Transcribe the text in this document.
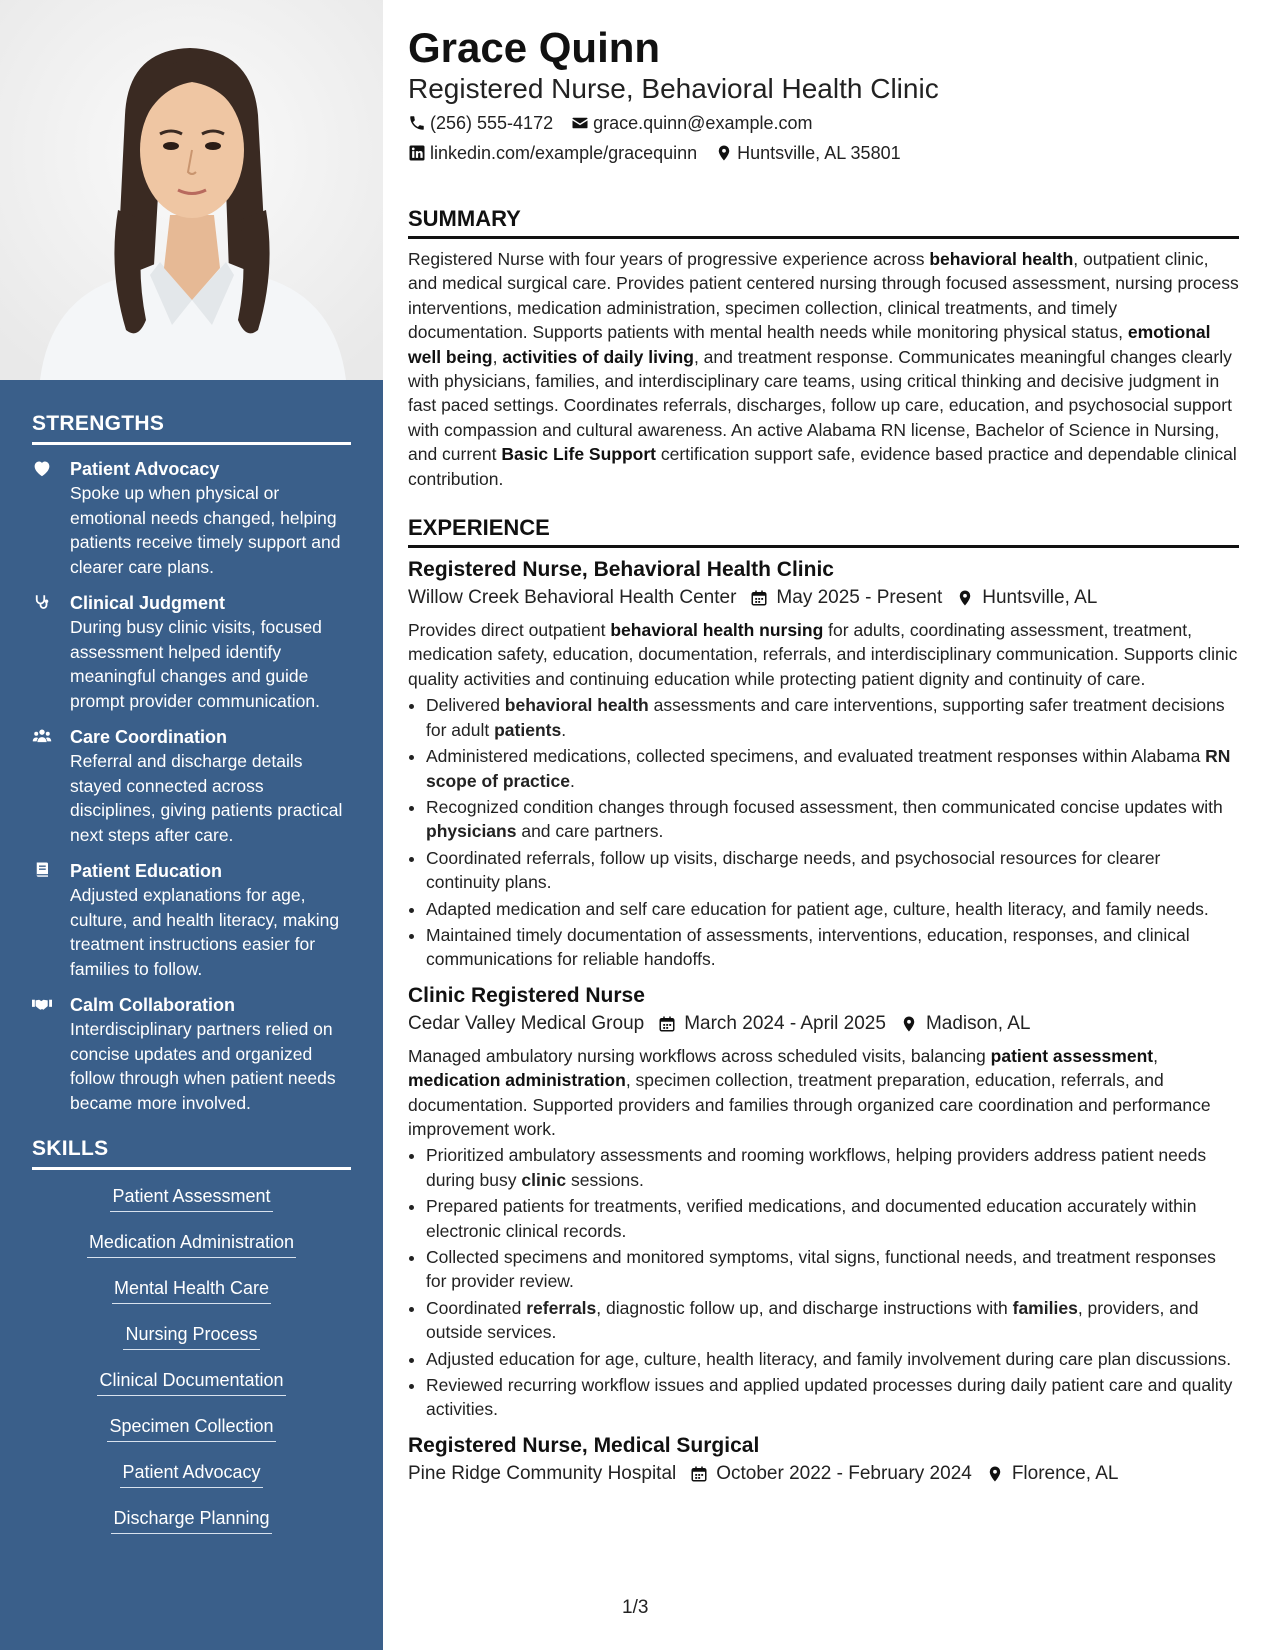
STRENGTHS
Patient Advocacy
Spoke up when physical or emotional needs changed, helping patients receive timely support and clearer care plans.
Clinical Judgment
During busy clinic visits, focused assessment helped identify meaningful changes and guide prompt provider communication.
Care Coordination
Referral and discharge details stayed connected across disciplines, giving patients practical next steps after care.
Patient Education
Adjusted explanations for age, culture, and health literacy, making treatment instructions easier for families to follow.
Calm Collaboration
Interdisciplinary partners relied on concise updates and organized follow through when patient needs became more involved.
SKILLS
Patient Assessment
Medication Administration
Mental Health Care
Nursing Process
Clinical Documentation
Specimen Collection
Patient Advocacy
Discharge Planning
Grace Quinn
Registered Nurse, Behavioral Health Clinic
(256) 555-4172 grace.quinn@example.com
linkedin.com/example/gracequinn Huntsville, AL 35801
SUMMARY

Registered Nurse with four years of progressive experience across behavioral health, outpatient clinic, and medical surgical care. Provides patient centered nursing through focused assessment, nursing process interventions, medication administration, specimen collection, clinical treatments, and timely documentation. Supports patients with mental health needs while monitoring physical status, emotional well being, activities of daily living, and treatment response. Communicates meaningful changes clearly with physicians, families, and interdisciplinary care teams, using critical thinking and decisive judgment in fast paced settings. Coordinates referrals, discharges, follow up care, education, and psychosocial support with compassion and cultural awareness. An active Alabama RN license, Bachelor of Science in Nursing, and current Basic Life Support certification support safe, evidence based practice and dependable clinical contribution.

EXPERIENCE
Registered Nurse, Behavioral Health Clinic
Willow Creek Behavioral Health Center May 2025 - Present Huntsville, AL

Provides direct outpatient behavioral health nursing for adults, coordinating assessment, treatment, medication safety, education, documentation, referrals, and interdisciplinary communication. Supports clinic quality activities and continuing education while protecting patient dignity and continuity of care.

• Delivered behavioral health assessments and care interventions, supporting safer treatment decisions for adult patients.
• Administered medications, collected specimens, and evaluated treatment responses within Alabama RN scope of practice.
• Recognized condition changes through focused assessment, then communicated concise updates with physicians and care partners.
• Coordinated referrals, follow up visits, discharge needs, and psychosocial resources for clearer continuity plans.
• Adapted medication and self care education for patient age, culture, health literacy, and family needs.
• Maintained timely documentation of assessments, interventions, education, responses, and clinical communications for reliable handoffs.
Clinic Registered Nurse
Cedar Valley Medical Group March 2024 - April 2025 Madison, AL

Managed ambulatory nursing workflows across scheduled visits, balancing patient assessment, medication administration, specimen collection, treatment preparation, education, referrals, and documentation. Supported providers and families through organized care coordination and performance improvement work.

• Prioritized ambulatory assessments and rooming workflows, helping providers address patient needs during busy clinic sessions.
• Prepared patients for treatments, verified medications, and documented education accurately within electronic clinical records.
• Collected specimens and monitored symptoms, vital signs, functional needs, and treatment responses for provider review.
• Coordinated referrals, diagnostic follow up, and discharge instructions with families, providers, and outside services.
• Adjusted education for age, culture, health literacy, and family involvement during care plan discussions.
• Reviewed recurring workflow issues and applied updated processes during daily patient care and quality activities.
Registered Nurse, Medical Surgical
Pine Ridge Community Hospital October 2022 - February 2024 Florence, AL
1/3
